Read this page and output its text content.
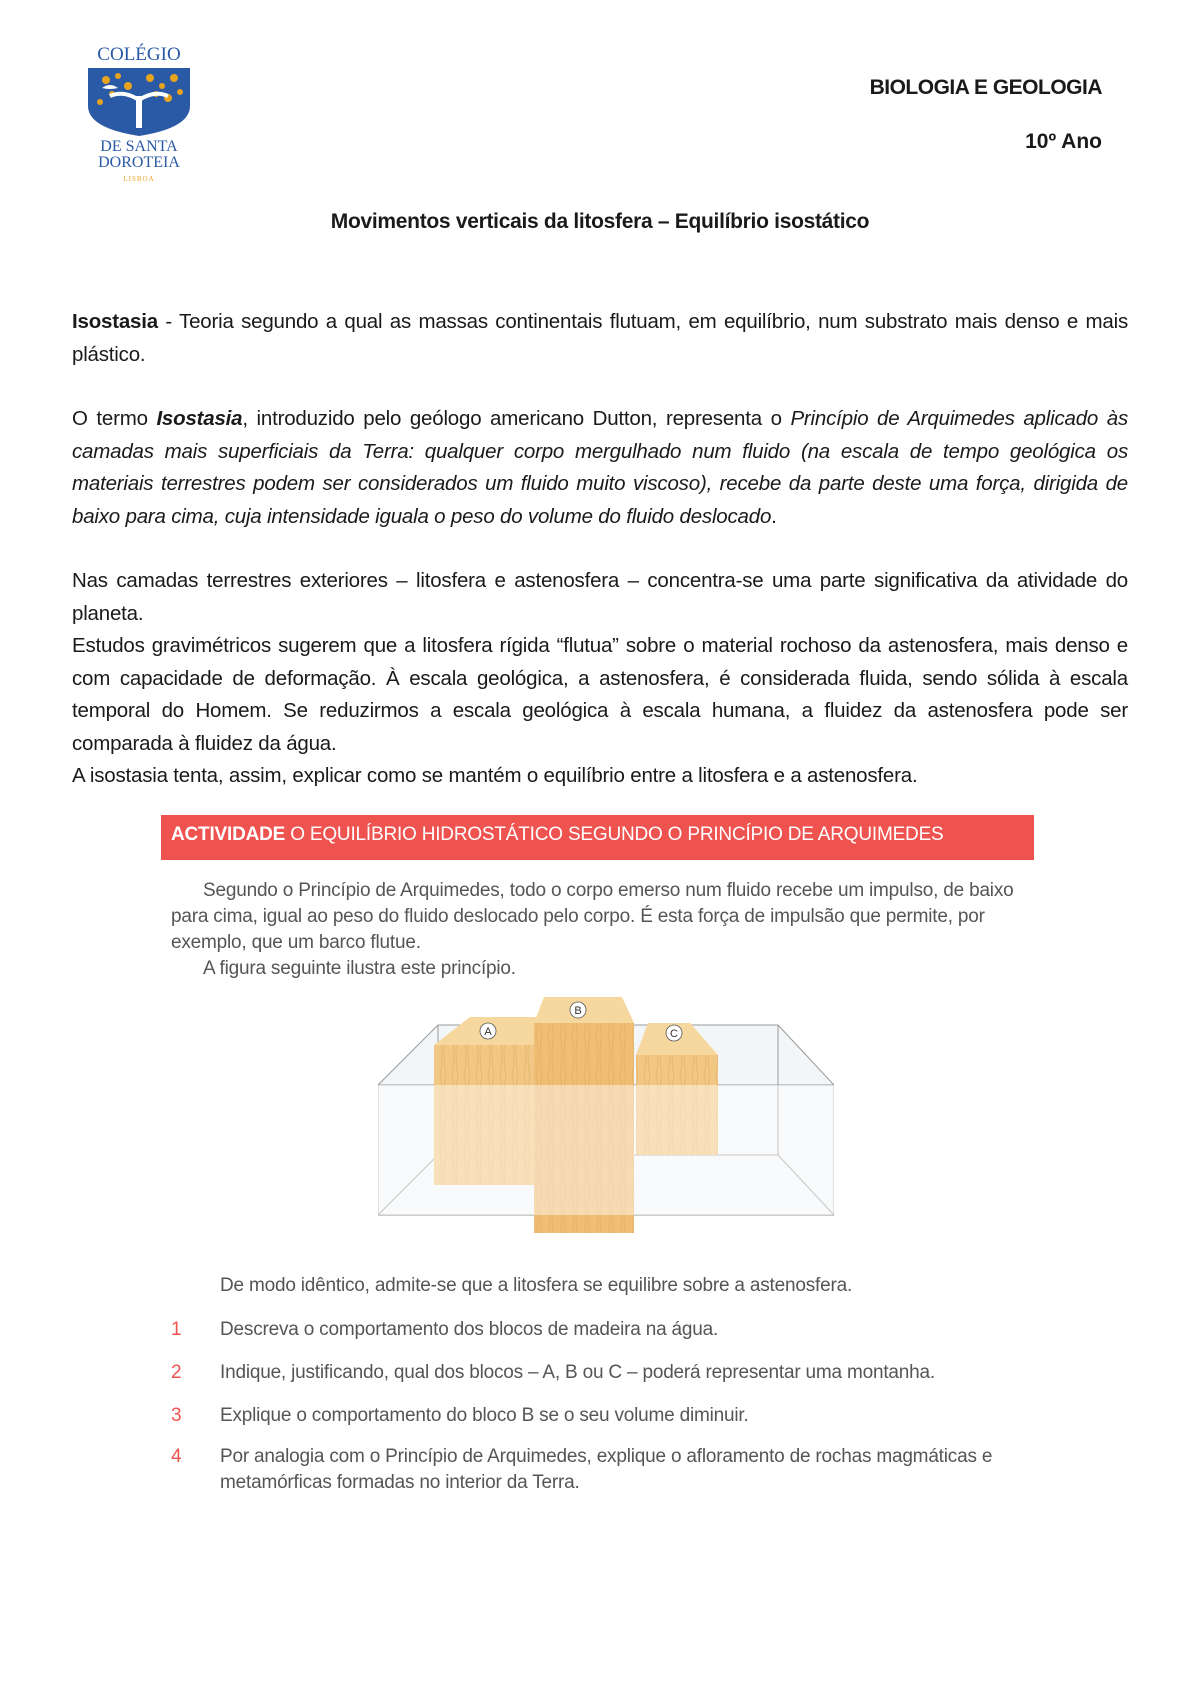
COLÉGIO
DE SANTA
DOROTEIA
LISBOA
BIOLOGIA E GEOLOGIA
10º Ano
Movimentos verticais da litosfera – Equilíbrio isostático
Isostasia - Teoria segundo a qual as massas continentais flutuam, em equilíbrio, num substrato mais denso e mais plástico.
O termo Isostasia, introduzido pelo geólogo americano Dutton, representa o Princípio de Arquimedes aplicado às camadas mais superficiais da Terra: qualquer corpo mergulhado num fluido (na escala de tempo geológica os materiais terrestres podem ser considerados um fluido muito viscoso), recebe da parte deste uma força, dirigida de baixo para cima, cuja intensidade iguala o peso do volume do fluido deslocado.

Nas camadas terrestres exteriores – litosfera e astenosfera – concentra-se uma parte significativa da atividade do planeta.

Estudos gravimétricos sugerem que a litosfera rígida “flutua” sobre o material rochoso da astenosfera, mais denso e com capacidade de deformação. À escala geológica, a astenosfera, é considerada fluida, sendo sólida à escala temporal do Homem. Se reduzirmos a escala geológica à escala humana, a fluidez da astenosfera pode ser comparada à fluidez da água.

A isostasia tenta, assim, explicar como se mantém o equilíbrio entre a litosfera e a astenosfera.

ACTIVIDADE O EQUILÍBRIO HIDROSTÁTICO SEGUNDO O PRINCÍPIO DE ARQUIMEDES

Segundo o Princípio de Arquimedes, todo o corpo emerso num fluido recebe um impulso, de baixo para cima, igual ao peso do fluido deslocado pelo corpo. É esta força de impulsão que permite, por exemplo, que um barco flutue.

A figura seguinte ilustra este princípio.

A
B
C
De modo idêntico, admite-se que a litosfera se equilibre sobre a astenosfera.
1	Descreva o comportamento dos blocos de madeira na água.
2	Indique, justificando, qual dos blocos – A, B ou C – poderá representar uma montanha.
3	Explique o comportamento do bloco B se o seu volume diminuir.
4	Por analogia com o Princípio de Arquimedes, explique o afloramento de rochas magmáticas e metamórficas formadas no interior da Terra.
